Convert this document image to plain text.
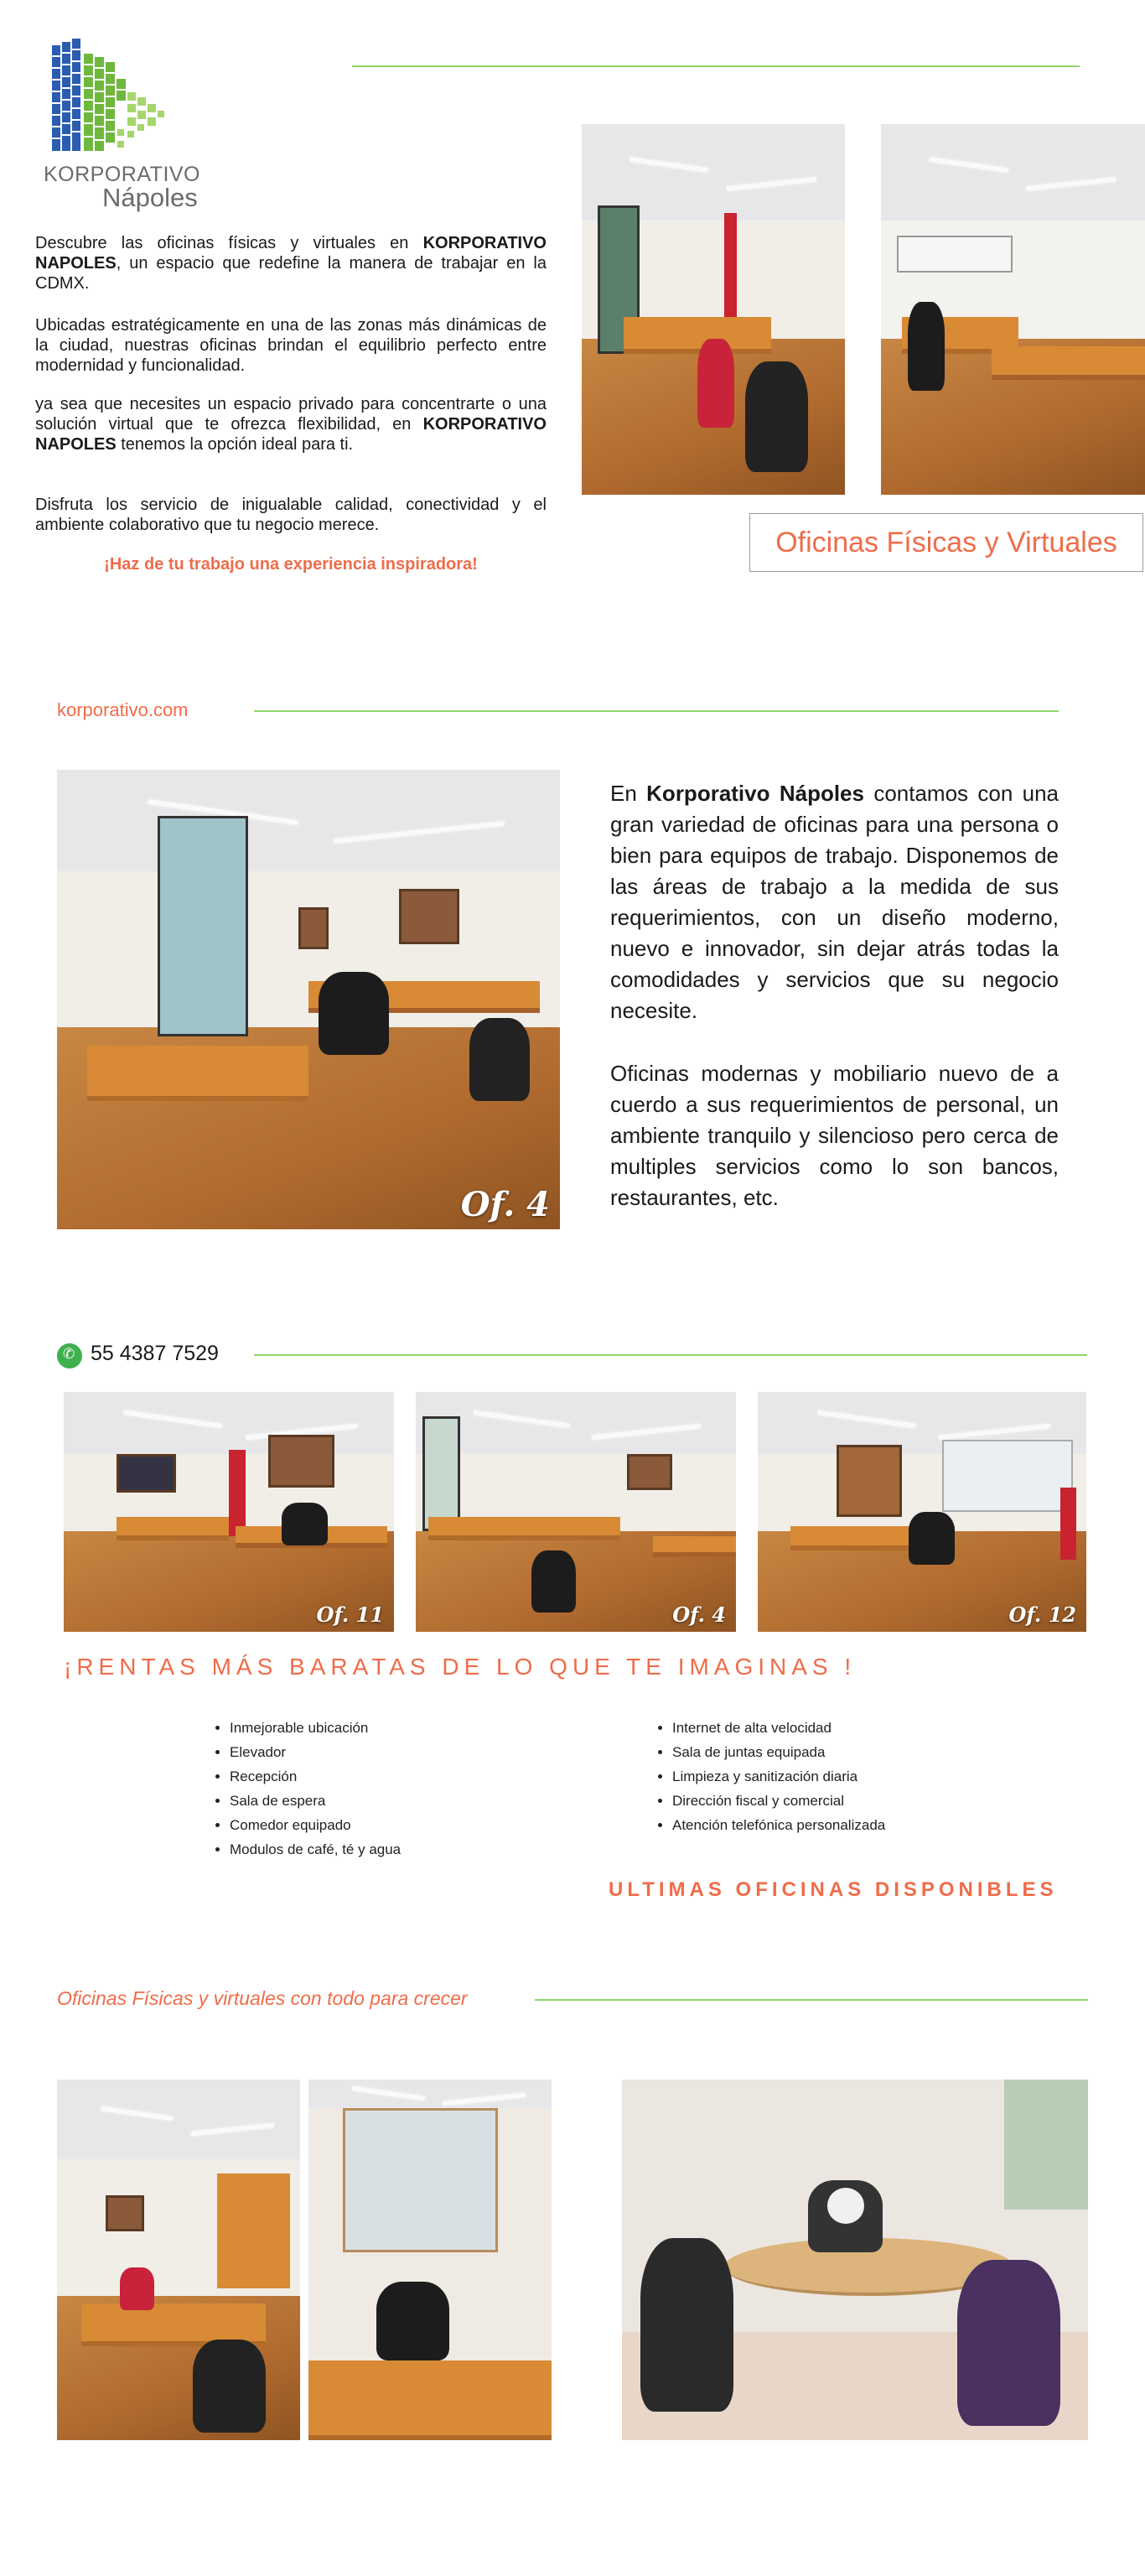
KORPORATIVO
Nápoles
Descubre las oficinas físicas y virtuales en KORPORATIVO NAPOLES, un espacio que redefine la manera de trabajar en la CDMX.
Ubicadas estratégicamente en una de las zonas más dinámicas de la ciudad, nuestras oficinas brindan el equilibrio perfecto entre modernidad y funcionalidad.
ya sea que necesites un espacio privado para concentrarte o una solución virtual que te ofrezca flexibilidad, en KORPORATIVO NAPOLES tenemos la opción ideal para ti.
Disfruta los servicio de inigualable calidad, conectividad y el ambiente colaborativo que tu negocio merece.
¡Haz de tu trabajo una experiencia inspiradora!
Oficinas Físicas y Virtuales
korporativo.com
Of. 4
En Korporativo Nápoles contamos con una gran variedad de oficinas para una persona o bien para equipos de trabajo. Disponemos de las áreas de trabajo a la medida de sus requerimientos, con un diseño moderno, nuevo e innovador, sin dejar atrás todas la comodidades y servicios que su negocio necesite.
Oficinas modernas y mobiliario nuevo de a cuerdo a sus requerimientos de personal, un ambiente tranquilo y silencioso pero cerca de multiples servicios como lo son bancos, restaurantes, etc.
✆ 55 4387 7529
Of. 11	Of. 4	Of. 12
¡RENTAS MÁS BARATAS DE LO QUE TE IMAGINAS !
• Inmejorable ubicación
• Elevador
• Recepción
• Sala de espera
• Comedor equipado
• Modulos de café, té y agua
• Internet de alta velocidad
• Sala de juntas equipada
• Limpieza y sanitización diaria
• Dirección fiscal y comercial
• Atención telefónica personalizada
ULTIMAS OFICINAS DISPONIBLES
Oficinas Físicas y virtuales con todo para crecer
